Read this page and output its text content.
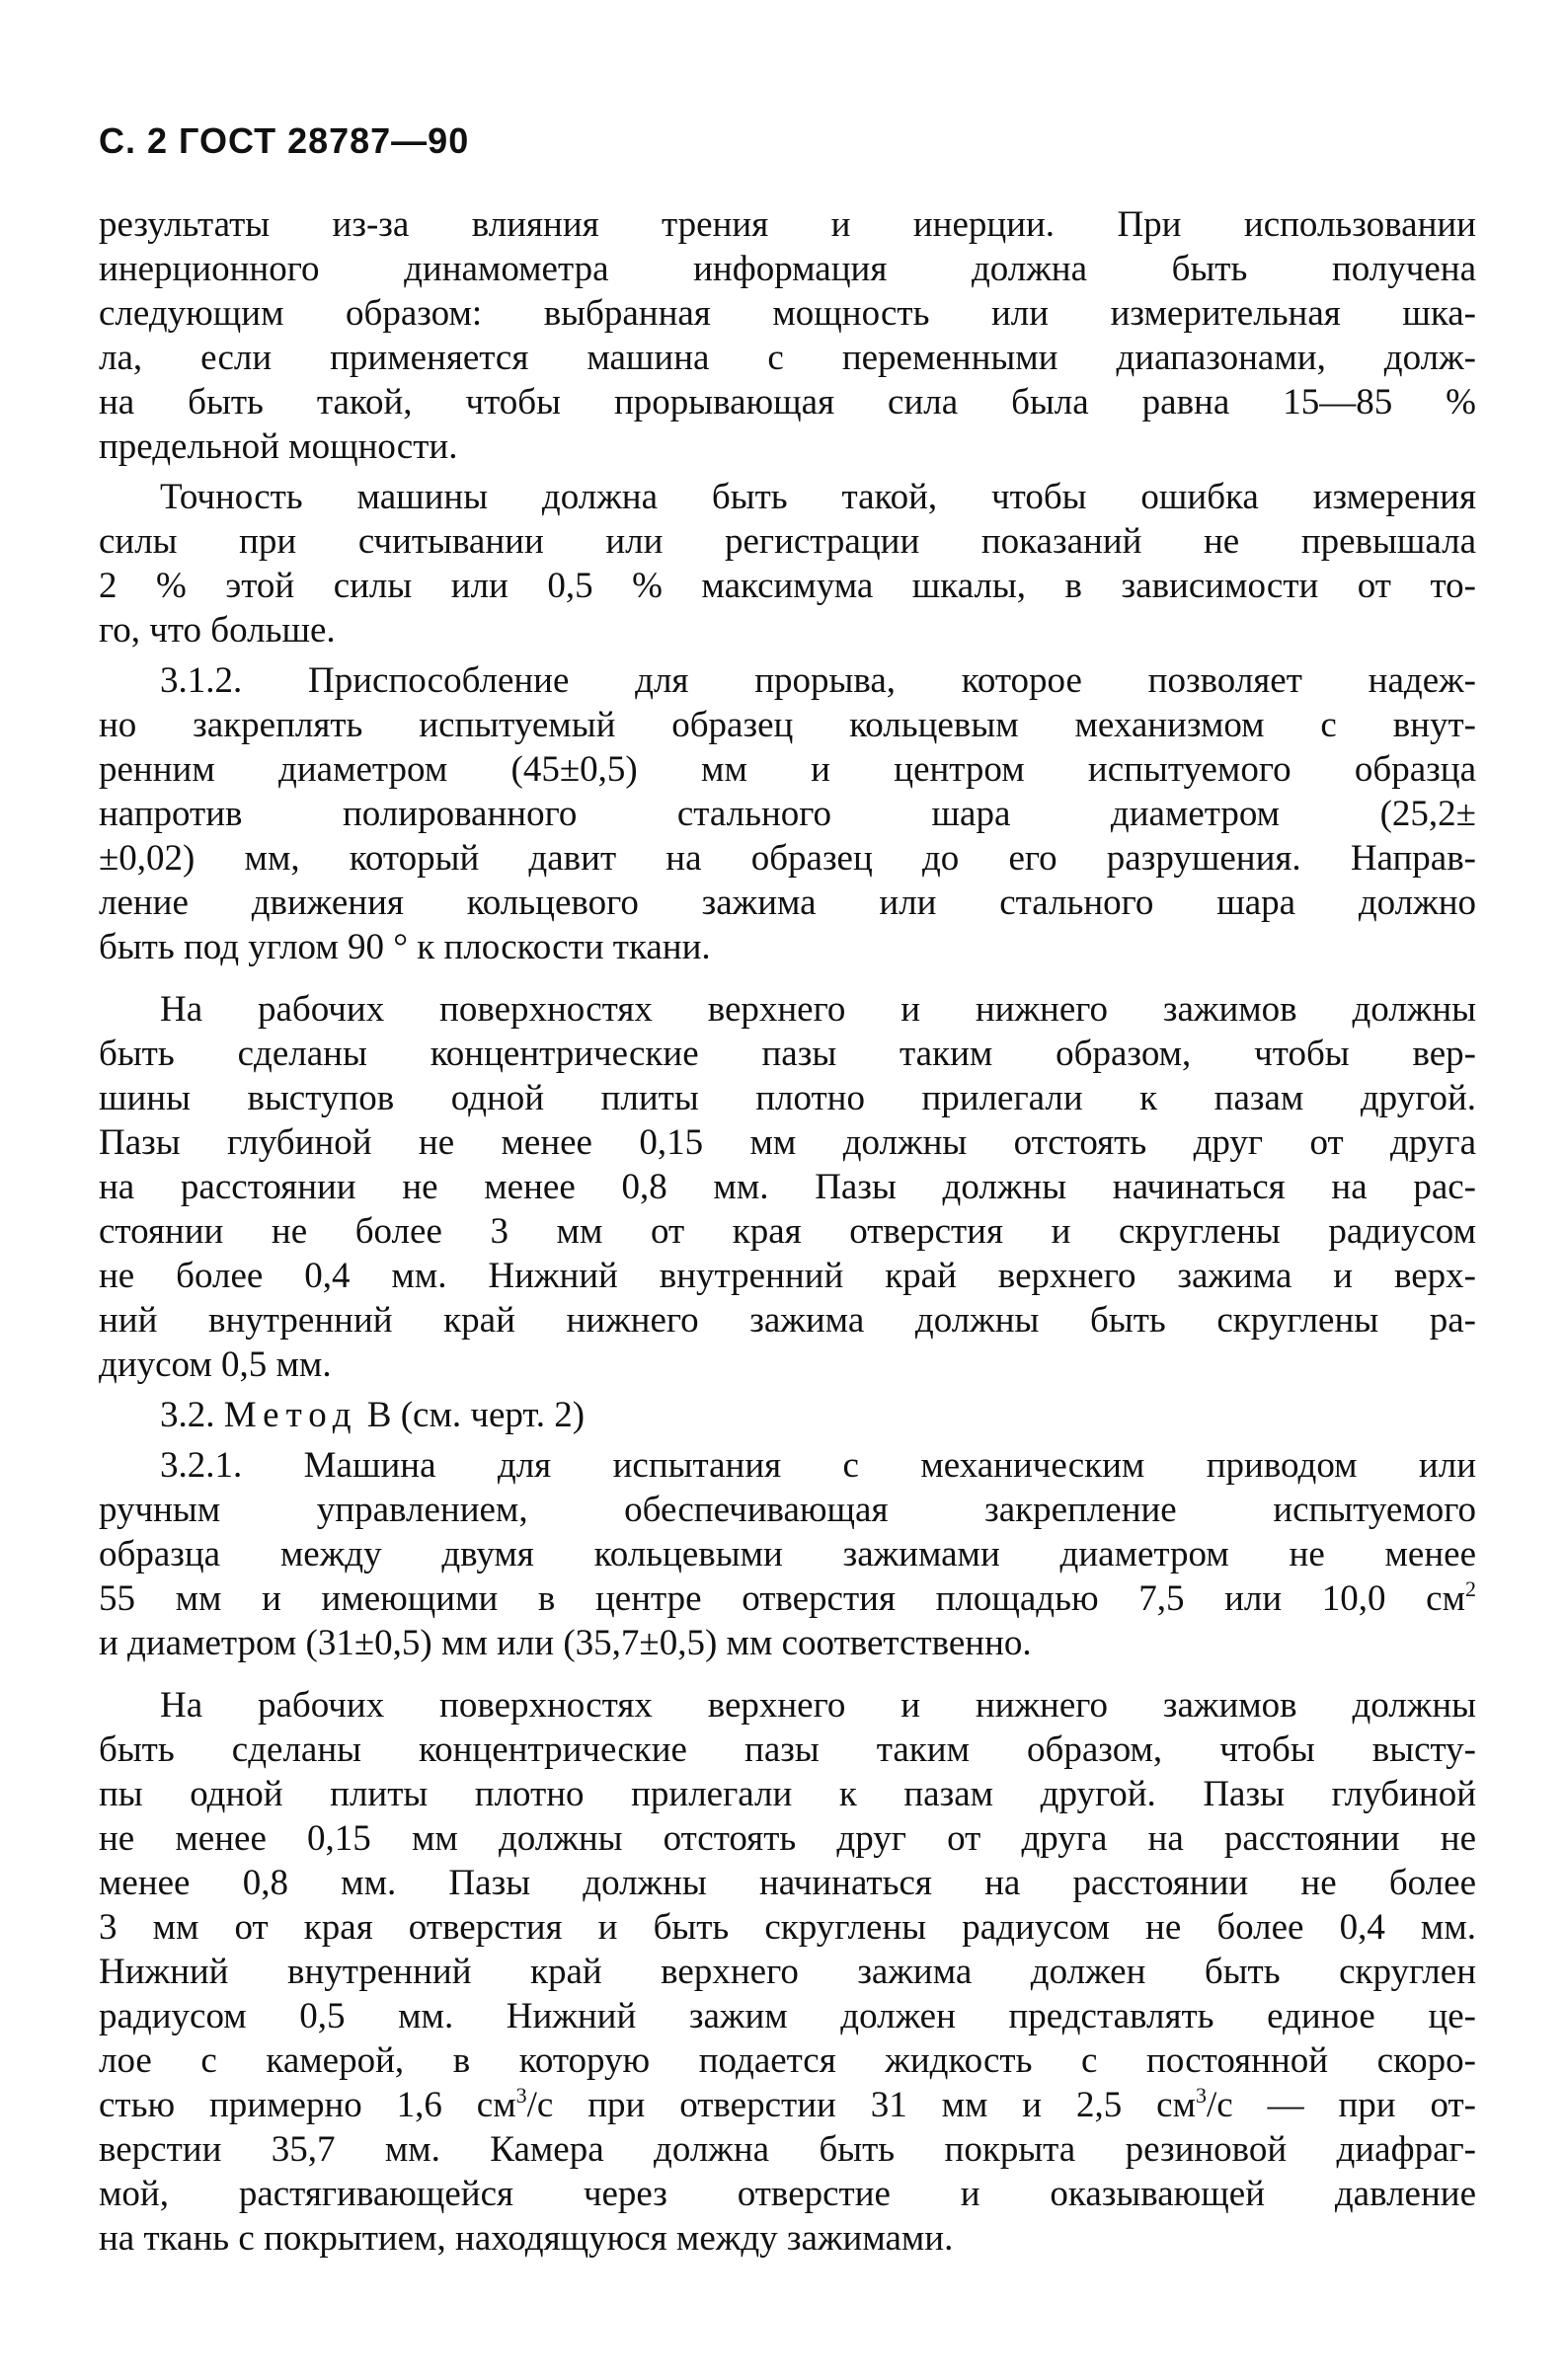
С. 2 ГОСТ 28787—90
результаты из-за влияния трения и инерции. При использовании
инерционного динамометра информация должна быть получена
следующим образом: выбранная мощность или измерительная шка-
ла, если применяется машина с переменными диапазонами, долж-
на быть такой, чтобы прорывающая сила была равна 15—85 %
предельной мощности.
Точность машины должна быть такой, чтобы ошибка измерения
силы при считывании или регистрации показаний не превышала
2 % этой силы или 0,5 % максимума шкалы, в зависимости от то-
го, что больше.
3.1.2. Приспособление для прорыва, которое позволяет надеж-
но закреплять испытуемый образец кольцевым механизмом с внут-
ренним диаметром (45±0,5) мм и центром испытуемого образца
напротив полированного стального шара диаметром (25,2±
±0,02) мм, который давит на образец до его разрушения. Направ-
ление движения кольцевого зажима или стального шара должно
быть под углом 90 ° к плоскости ткани.
На рабочих поверхностях верхнего и нижнего зажимов должны
быть сделаны концентрические пазы таким образом, чтобы вер-
шины выступов одной плиты плотно прилегали к пазам другой.
Пазы глубиной не менее 0,15 мм должны отстоять друг от друга
на расстоянии не менее 0,8 мм. Пазы должны начинаться на рас-
стоянии не более 3 мм от края отверстия и скруглены радиусом
не более 0,4 мм. Нижний внутренний край верхнего зажима и верх-
ний внутренний край нижнего зажима должны быть скруглены ра-
диусом 0,5 мм.
3.2. Метод В (см. черт. 2)
3.2.1. Машина для испытания с механическим приводом или
ручным управлением, обеспечивающая закрепление испытуемого
образца между двумя кольцевыми зажимами диаметром не менее
55 мм и имеющими в центре отверстия площадью 7,5 или 10,0 $см^2$
и диаметром (31±0,5) мм или (35,7±0,5) мм соответственно.
На рабочих поверхностях верхнего и нижнего зажимов должны
быть сделаны концентрические пазы таким образом, чтобы высту-
пы одной плиты плотно прилегали к пазам другой. Пазы глубиной
не менее 0,15 мм должны отстоять друг от друга на расстоянии не
менее 0,8 мм. Пазы должны начинаться на расстоянии не более
3 мм от края отверстия и быть скруглены радиусом не более 0,4 мм.
Нижний внутренний край верхнего зажима должен быть скруглен
радиусом 0,5 мм. Нижний зажим должен представлять единое це-
лое с камерой, в которую подается жидкость с постоянной скоро-
стью примерно 1,6 $см^3/с$ при отверстии 31 мм и 2,5 $см^3/с$ — при от-
верстии 35,7 мм. Камера должна быть покрыта резиновой диафраг-
мой, растягивающейся через отверстие и оказывающей давление
на ткань с покрытием, находящуюся между зажимами.
